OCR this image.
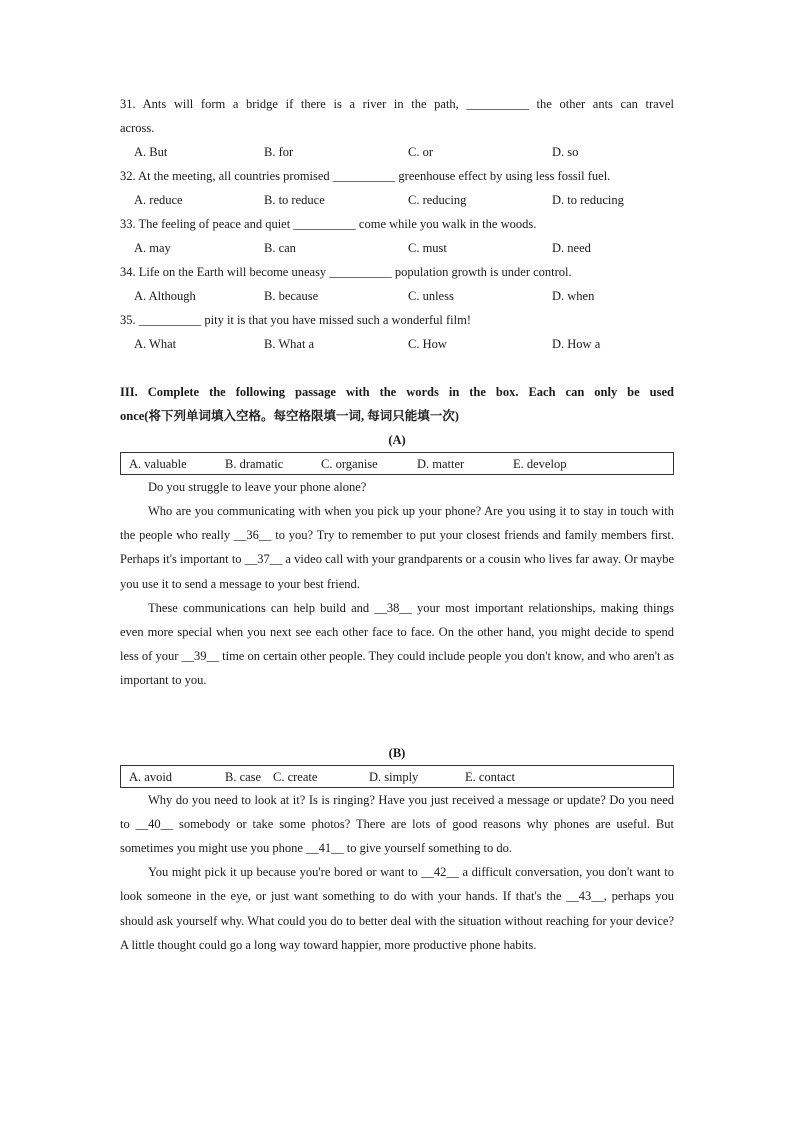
31. Ants will form a bridge if there is a river in the path, __________ the other ants can travel
across.
A. But	B. for	C. or	D. so
32. At the meeting, all countries promised __________ greenhouse effect by using less fossil fuel.
A. reduce	B. to reduce	C. reducing	D. to reducing
33. The feeling of peace and quiet __________ come while you walk in the woods.
A. may	B. can	C. must	D. need
34. Life on the Earth will become uneasy __________ population growth is under control.
A. Although	B. because	C. unless	D. when
35. __________ pity it is that you have missed such a wonderful film!
A. What	B. What a	C. How	D. How a
III. Complete the following passage with the words in the box. Each can only be used
once(将下列单词填入空格。每空格限填一词, 每词只能填一次)
(A)
A. valuable	B. dramatic	C. organise	D. matter	E. develop
Do you struggle to leave your phone alone?

Who are you communicating with when you pick up your phone? Are you using it to stay in touch with the people who really __36__ to you? Try to remember to put your closest friends and family members first. Perhaps it's important to __37__ a video call with your grandparents or a cousin who lives far away. Or maybe you use it to send a message to your best friend.

These communications can help build and __38__ your most important relationships, making things even more special when you next see each other face to face. On the other hand, you might decide to spend less of your __39__ time on certain other people. They could include people you don't know, and who aren't as important to you.

(B)
A. avoid	B. case C. create	D. simply	E. contact

Why do you need to look at it? Is is ringing? Have you just received a message or update? Do you need to __40__ somebody or take some photos? There are lots of good reasons why phones are useful. But sometimes you might use you phone __41__ to give yourself something to do.

You might pick it up because you're bored or want to __42__ a difficult conversation, you don't want to look someone in the eye, or just want something to do with your hands. If that's the __43__, perhaps you should ask yourself why. What could you do to better deal with the situation without reaching for your device? A little thought could go a long way toward happier, more productive phone habits.
